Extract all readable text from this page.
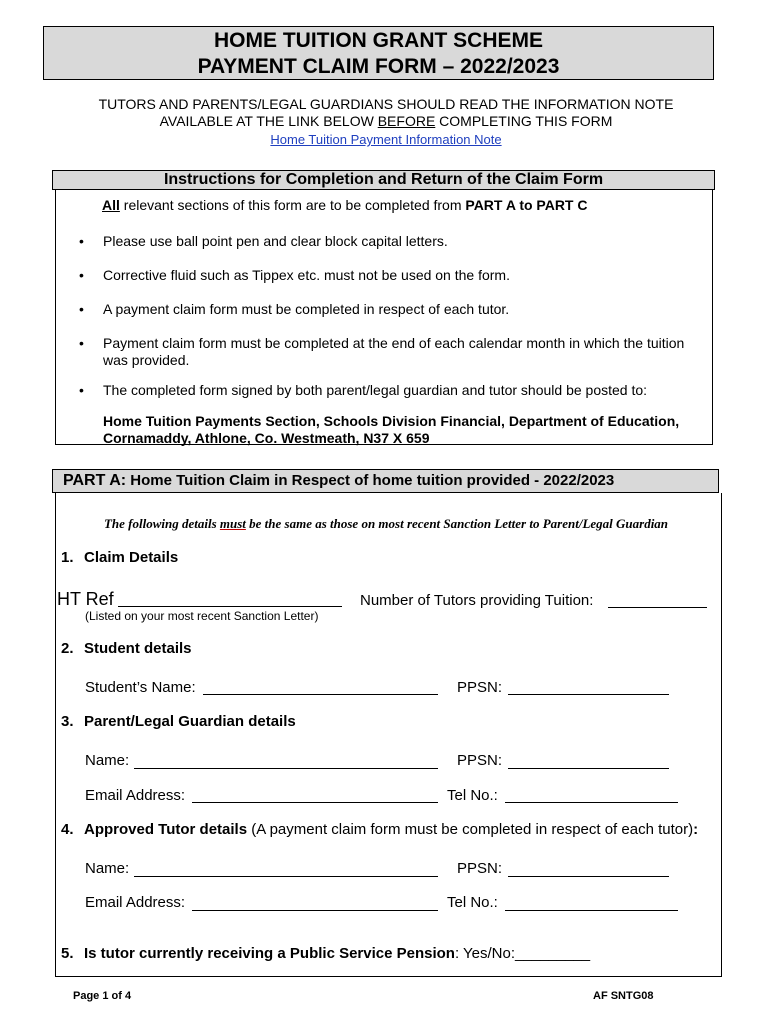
HOME TUITION GRANT SCHEME
PAYMENT CLAIM FORM – 2022/2023
TUTORS AND PARENTS/LEGAL GUARDIANS SHOULD READ THE INFORMATION NOTE
AVAILABLE AT THE LINK BELOW BEFORE COMPLETING THIS FORM
Home Tuition Payment Information Note
Instructions for Completion and Return of the Claim Form
All relevant sections of this form are to be completed from PART A to PART C
• Please use ball point pen and clear block capital letters.
• Corrective fluid such as Tippex etc. must not be used on the form.
• A payment claim form must be completed in respect of each tutor.
• Payment claim form must be completed at the end of each calendar month in which the tuition was provided.
• The completed form signed by both parent/legal guardian and tutor should be posted to:
Home Tuition Payments Section, Schools Division Financial, Department of Education, Cornamaddy, Athlone, Co. Westmeath, N37 X 659
PART A: Home Tuition Claim in Respect of home tuition provided - 2022/2023
The following details must be the same as those on most recent Sanction Letter to Parent/Legal Guardian
1. Claim Details
HT Ref	Number of Tutors providing Tuition:
(Listed on your most recent Sanction Letter)
2. Student details
Student’s Name:	PPSN:
3. Parent/Legal Guardian details
Name:	PPSN:
Email Address:	Tel No.:
4. Approved Tutor details (A payment claim form must be completed in respect of each tutor):
Name:	PPSN:
Email Address:	Tel No.:
5. Is tutor currently receiving a Public Service Pension: Yes/No:_________
Page 1 of 4	AF SNTG08
